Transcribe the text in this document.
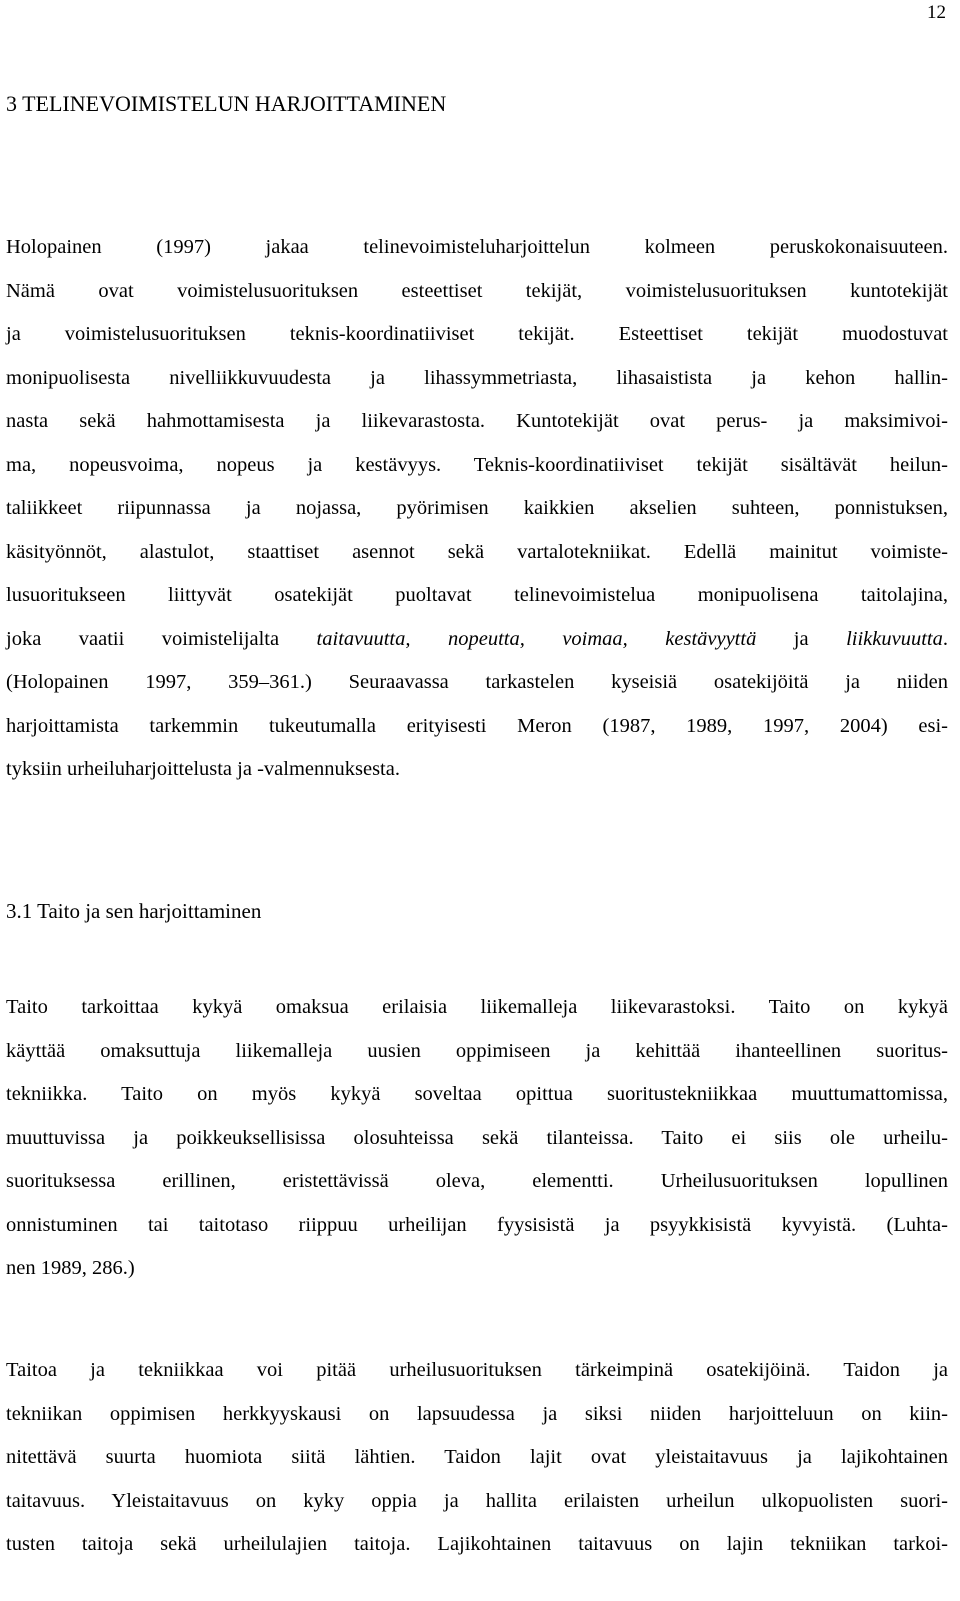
12
3 TELINEVOIMISTELUN HARJOITTAMINEN
Holopainen (1997) jakaa telinevoimisteluharjoittelun kolmeen peruskokonaisuuteen.
Nämä ovat voimistelusuorituksen esteettiset tekijät, voimistelusuorituksen kuntotekijät
ja voimistelusuorituksen teknis-koordinatiiviset tekijät. Esteettiset tekijät muodostuvat
monipuolisesta nivelliikkuvuudesta ja lihassymmetriasta, lihasaistista ja kehon hallin-
nasta sekä hahmottamisesta ja liikevarastosta. Kuntotekijät ovat perus- ja maksimivoi-
ma, nopeusvoima, nopeus ja kestävyys. Teknis-koordinatiiviset tekijät sisältävät heilun-
taliikkeet riipunnassa ja nojassa, pyörimisen kaikkien akselien suhteen, ponnistuksen,
käsityönnöt, alastulot, staattiset asennot sekä vartalotekniikat. Edellä mainitut voimiste-
lusuoritukseen liittyvät osatekijät puoltavat telinevoimistelua monipuolisena taitolajina,
joka vaatii voimistelijalta taitavuutta, nopeutta, voimaa, kestävyyttä ja liikkuvuutta.
(Holopainen 1997, 359–361.) Seuraavassa tarkastelen kyseisiä osatekijöitä ja niiden
harjoittamista tarkemmin tukeutumalla erityisesti Meron (1987, 1989, 1997, 2004) esi-
tyksiin urheiluharjoittelusta ja -valmennuksesta.
3.1 Taito ja sen harjoittaminen
Taito tarkoittaa kykyä omaksua erilaisia liikemalleja liikevarastoksi. Taito on kykyä
käyttää omaksuttuja liikemalleja uusien oppimiseen ja kehittää ihanteellinen suoritus-
tekniikka. Taito on myös kykyä soveltaa opittua suoritustekniikkaa muuttumattomissa,
muuttuvissa ja poikkeuksellisissa olosuhteissa sekä tilanteissa. Taito ei siis ole urheilu-
suorituksessa erillinen, eristettävissä oleva, elementti. Urheilusuorituksen lopullinen
onnistuminen tai taitotaso riippuu urheilijan fyysisistä ja psyykkisistä kyvyistä. (Luhta-
nen 1989, 286.)
Taitoa ja tekniikkaa voi pitää urheilusuorituksen tärkeimpinä osatekijöinä. Taidon ja
tekniikan oppimisen herkkyyskausi on lapsuudessa ja siksi niiden harjoitteluun on kiin-
nitettävä suurta huomiota siitä lähtien. Taidon lajit ovat yleistaitavuus ja lajikohtainen
taitavuus. Yleistaitavuus on kyky oppia ja hallita erilaisten urheilun ulkopuolisten suori-
tusten taitoja sekä urheilulajien taitoja. Lajikohtainen taitavuus on lajin tekniikan tarkoi-
